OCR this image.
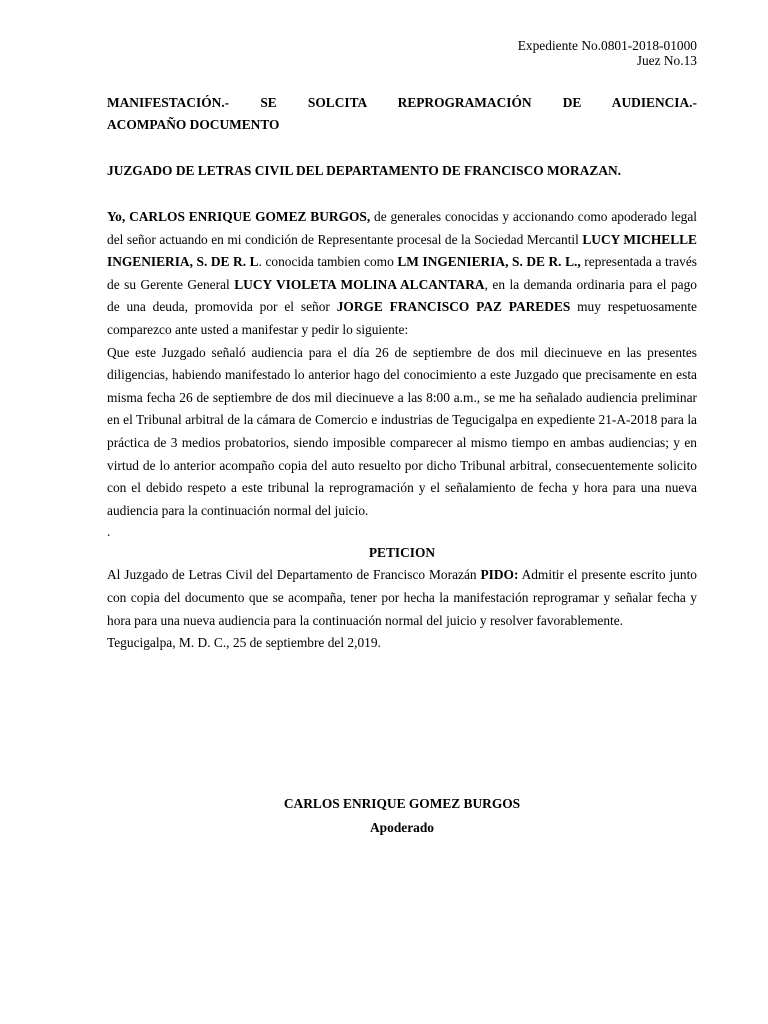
Expediente No.0801-2018-01000
Juez No.13
MANIFESTACIÓN.- SE SOLCITA REPROGRAMACIÓN DE AUDIENCIA.-
ACOMPAÑO DOCUMENTO
JUZGADO DE LETRAS CIVIL DEL DEPARTAMENTO DE FRANCISCO MORAZAN.

Yo, CARLOS ENRIQUE GOMEZ BURGOS, de generales conocidas y accionando como apoderado legal del señor actuando en mi condición de Representante procesal de la Sociedad Mercantil LUCY MICHELLE INGENIERIA, S. DE R. L. conocida tambien como LM INGENIERIA, S. DE R. L., representada a través de su Gerente General LUCY VIOLETA MOLINA ALCANTARA, en la demanda ordinaria para el pago de una deuda, promovida por el señor JORGE FRANCISCO PAZ PAREDES muy respetuosamente comparezco ante usted a manifestar y pedir lo siguiente:

Que este Juzgado señaló audiencia para el día 26 de septiembre de dos mil diecinueve en las presentes diligencias, habiendo manifestado lo anterior hago del conocimiento a este Juzgado que precisamente en esta misma fecha 26 de septiembre de dos mil diecinueve a las 8:00 a.m., se me ha señalado audiencia preliminar en el Tribunal arbitral de la cámara de Comercio e industrias de Tegucigalpa en expediente 21-A-2018 para la práctica de 3 medios probatorios, siendo imposible comparecer al mismo tiempo en ambas audiencias; y en virtud de lo anterior acompaño copia del auto resuelto por dicho Tribunal arbitral, consecuentemente solicito con el debido respeto a este tribunal la reprogramación y el señalamiento de fecha y hora para una nueva audiencia para la continuación normal del juicio.

.
PETICION

Al Juzgado de Letras Civil del Departamento de Francisco Morazán PIDO: Admitir el presente escrito junto con copia del documento que se acompaña, tener por hecha la manifestación reprogramar y señalar fecha y hora para una nueva audiencia para la continuación normal del juicio y resolver favorablemente.

Tegucigalpa, M. D. C., 25 de septiembre del 2,019.

CARLOS ENRIQUE GOMEZ BURGOS
Apoderado
